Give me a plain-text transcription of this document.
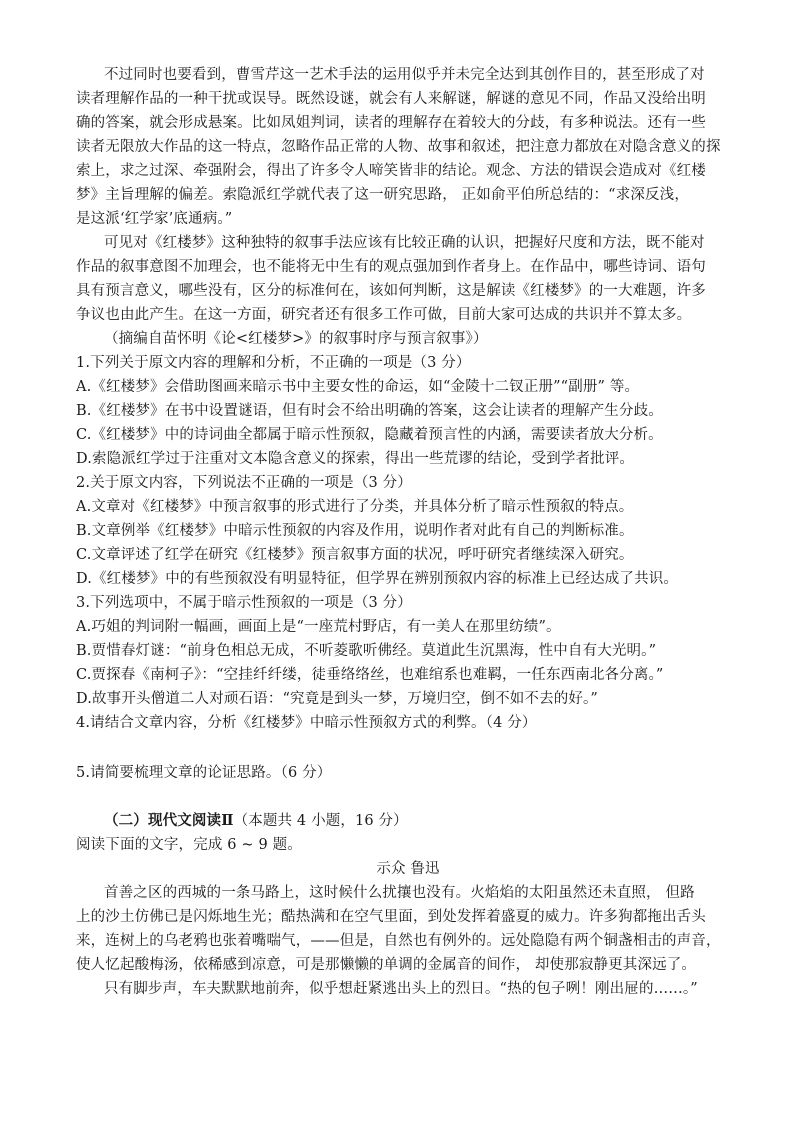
不过同时也要看到，曹雪芹这一艺术手法的运用似乎并未完全达到其创作目的，甚至形成了对
读者理解作品的一种干扰或误导。既然设谜，就会有人来解谜，解谜的意见不同，作品又没给出明
确的答案，就会形成悬案。比如凤姐判词，读者的理解存在着较大的分歧，有多种说法。还有一些
读者无限放大作品的这一特点，忽略作品正常的人物、故事和叙述，把注意力都放在对隐含意义的探
索上，求之过深、牵强附会，得出了许多令人啼笑皆非的结论。观念、方法的错误会造成对《红楼
梦》主旨理解的偏差。索隐派红学就代表了这一研究思路， 正如俞平伯所总结的：“求深反浅，
是这派‘红学家’底通病。”
可见对《红楼梦》这种独特的叙事手法应该有比较正确的认识，把握好尺度和方法，既不能对
作品的叙事意图不加理会，也不能将无中生有的观点强加到作者身上。在作品中，哪些诗词、语句
具有预言意义，哪些没有，区分的标准何在，该如何判断，这是解读《红楼梦》的一大难题，许多
争议也由此产生。在这一方面，研究者还有很多工作可做，目前大家可达成的共识并不算太多。
（摘编自苗怀明《论<红楼梦>》的叙事时序与预言叙事》）
1.下列关于原文内容的理解和分析，不正确的一项是（3 分）
A.《红楼梦》会借助图画来暗示书中主要女性的命运，如“金陵十二钗正册”“副册” 等。
B.《红楼梦》在书中设置谜语，但有时会不给出明确的答案，这会让读者的理解产生分歧。
C.《红楼梦》中的诗词曲全都属于暗示性预叙，隐藏着预言性的内涵，需要读者放大分析。
D.索隐派红学过于注重对文本隐含意义的探索，得出一些荒谬的结论，受到学者批评。
2.关于原文内容，下列说法不正确的一项是（3 分）
A.文章对《红楼梦》中预言叙事的形式进行了分类，并具体分析了暗示性预叙的特点。
B.文章例举《红楼梦》中暗示性预叙的内容及作用，说明作者对此有自己的判断标准。
C.文章评述了红学在研究《红楼梦》预言叙事方面的状况，呼吁研究者继续深入研究。
D.《红楼梦》中的有些预叙没有明显特征，但学界在辨别预叙内容的标准上已经达成了共识。
3.下列选项中，不属于暗示性预叙的一项是（3 分）
A.巧姐的判词附一幅画，画面上是“一座荒村野店，有一美人在那里纺绩”。
B.贾惜春灯谜：“前身色相总无成，不听菱歌听佛经。莫道此生沉黑海，性中自有大光明。”
C.贾探春《南柯子》：“空挂纤纤缕，徒垂络络丝，也难绾系也难羁，一任东西南北各分离。”
D.故事开头僧道二人对顽石语：“究竟是到头一梦，万境归空，倒不如不去的好。”
4.请结合文章内容，分析《红楼梦》中暗示性预叙方式的利弊。（4 分）
5.请简要梳理文章的论证思路。（6 分）
（二）现代文阅读Ⅱ（本题共 4 小题，16 分）
阅读下面的文字，完成 6 ~ 9 题。
示众 鲁迅
首善之区的西城的一条马路上，这时候什么扰攘也没有。火焰焰的太阳虽然还未直照， 但路
上的沙土仿佛已是闪烁地生光；酷热满和在空气里面，到处发挥着盛夏的威力。许多狗都拖出舌头
来，连树上的乌老鸦也张着嘴喘气，——但是，自然也有例外的。远处隐隐有两个铜盏相击的声音，
使人忆起酸梅汤，依稀感到凉意，可是那懒懒的单调的金属音的间作， 却使那寂静更其深远了。
只有脚步声，车夫默默地前奔，似乎想赶紧逃出头上的烈日。“热的包子咧！刚出屉的……。”
